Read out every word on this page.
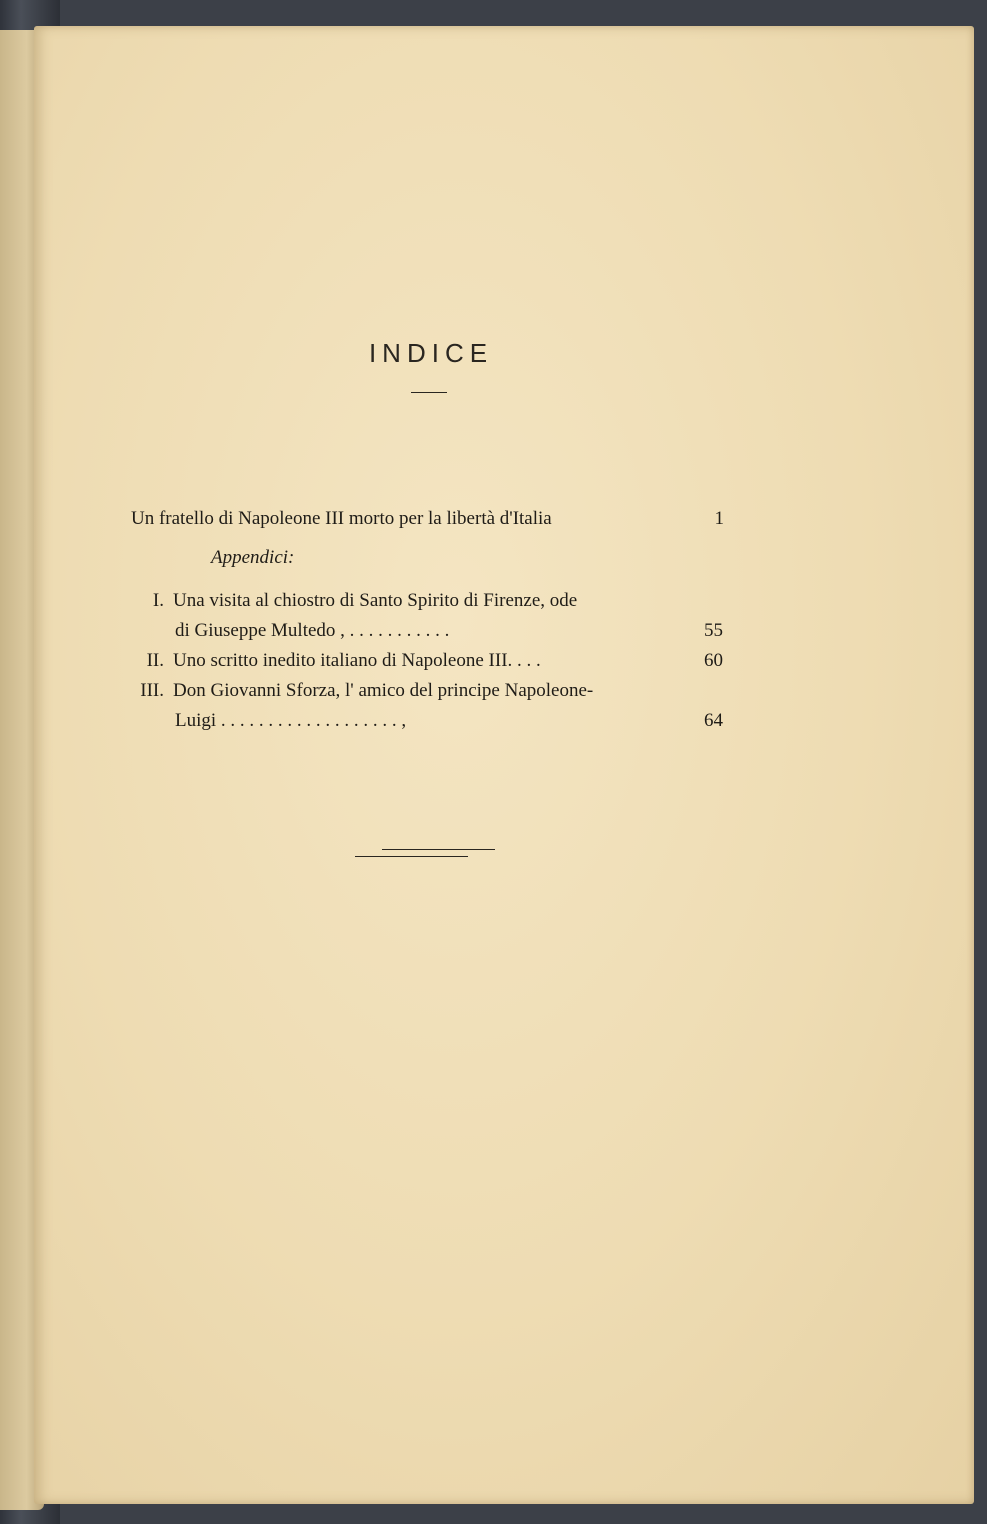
INDICE
Un fratello di Napoleone III morto per la libertà d'Italia	1
Appendici:
I. Una visita al chiostro di Santo Spirito di Firenze, ode
di Giuseppe Multedo , . . . . . . . . . . .	55
II. Uno scritto inedito italiano di Napoleone III. . . .	60
III. Don Giovanni Sforza, l' amico del principe Napoleone-
Luigi . . . . . . . . . . . . . . . . . . . ,	64
